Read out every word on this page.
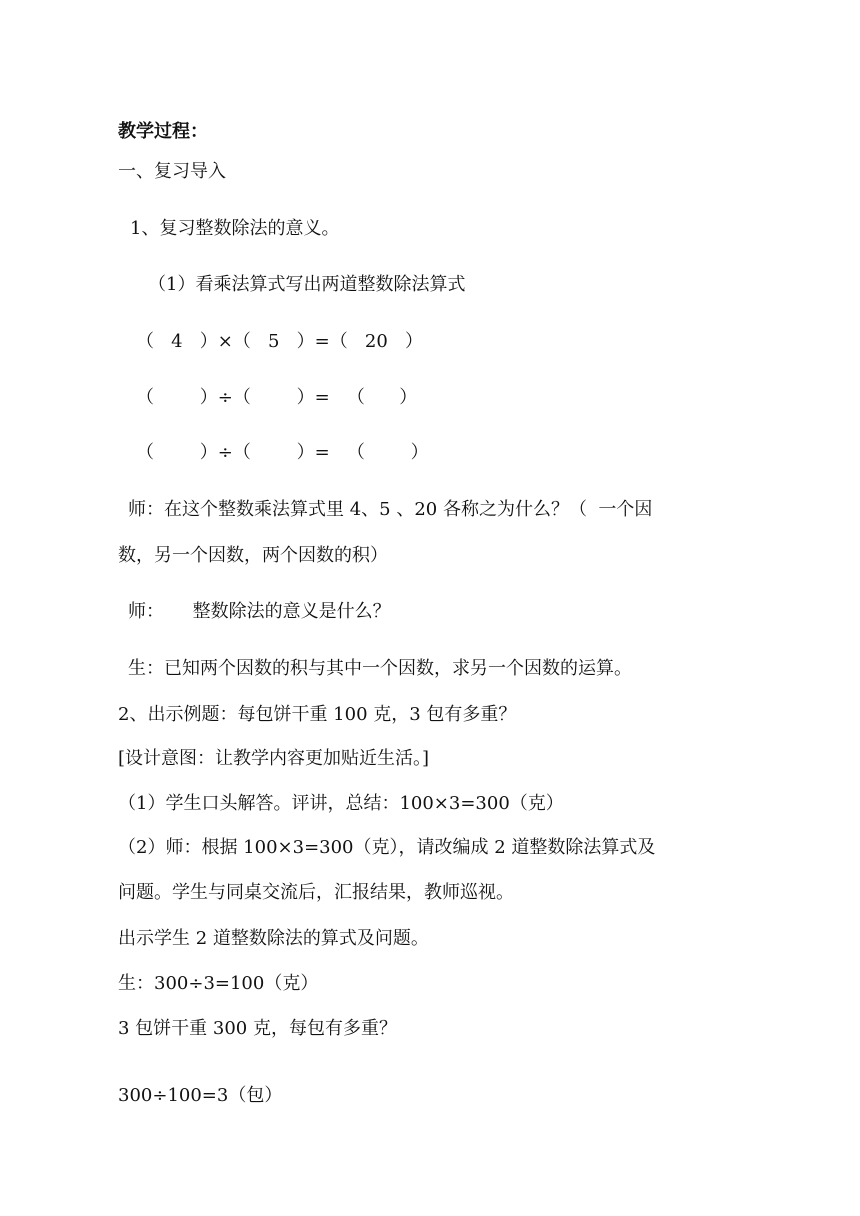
教学过程：
一、复习导入
1、复习整数除法的意义。
（1）看乘法算式写出两道整数除法算式
（   4   ）×（   5   ）=（   20   ）
（        ）÷（        ）=   （      ）
（        ）÷（        ）=   （        ）
师：在这个整数乘法算式里 4、5 、20 各称之为什么？（  一个因
数，另一个因数，两个因数的积）
师：     整数除法的意义是什么？
生：已知两个因数的积与其中一个因数，求另一个因数的运算。
2、出示例题：每包饼干重 100 克，3 包有多重？
[设计意图：让教学内容更加贴近生活。]
（1）学生口头解答。评讲，总结：100×3=300（克）
（2）师：根据 100×3=300（克），请改编成 2 道整数除法算式及
问题。学生与同桌交流后，汇报结果，教师巡视。
出示学生 2 道整数除法的算式及问题。
生：300÷3=100（克）
3 包饼干重 300 克，每包有多重？
300÷100=3（包）
